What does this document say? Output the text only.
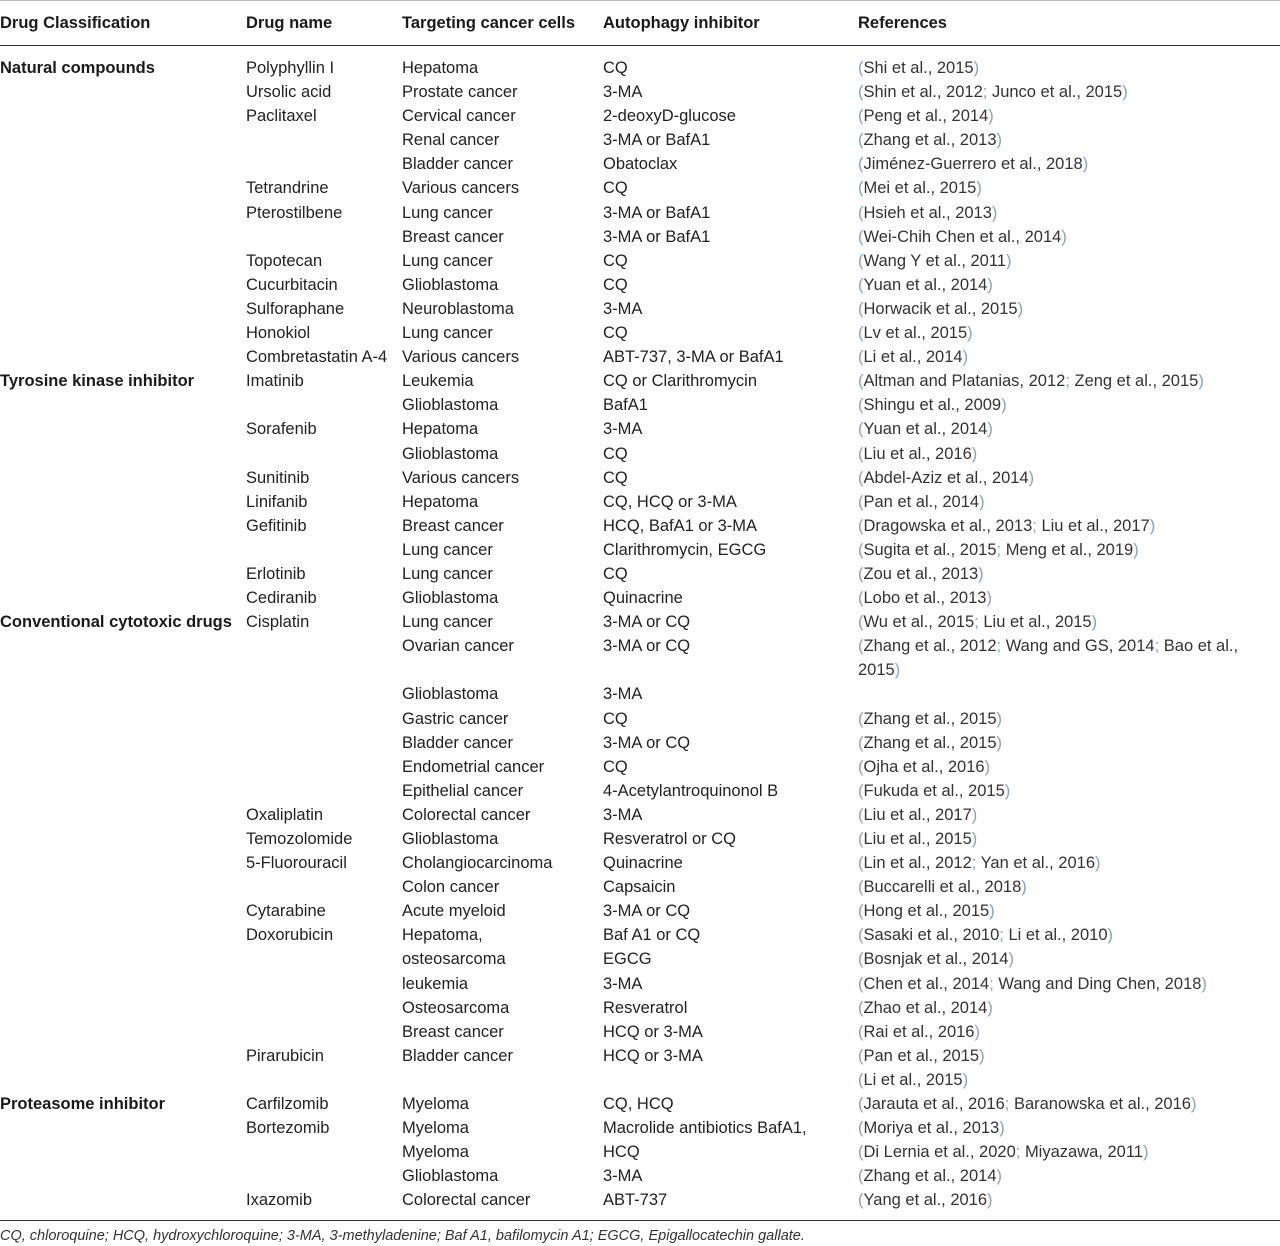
Drug Classification	Drug name	Targeting cancer cells	Autophagy inhibitor	References
Natural compounds	Polyphyllin I	Hepatoma	CQ	(Shi et al., 2015)
	Ursolic acid	Prostate cancer	3-MA	(Shin et al., 2012; Junco et al., 2015)
	Paclitaxel	Cervical cancer	2-deoxyD-glucose	(Peng et al., 2014)
		Renal cancer	3-MA or BafA1	(Zhang et al., 2013)
		Bladder cancer	Obatoclax	(Jiménez-Guerrero et al., 2018)
	Tetrandrine	Various cancers	CQ	(Mei et al., 2015)
	Pterostilbene	Lung cancer	3-MA or BafA1	(Hsieh et al., 2013)
		Breast cancer	3-MA or BafA1	(Wei-Chih Chen et al., 2014)
	Topotecan	Lung cancer	CQ	(Wang Y et al., 2011)
	Cucurbitacin	Glioblastoma	CQ	(Yuan et al., 2014)
	Sulforaphane	Neuroblastoma	3-MA	(Horwacik et al., 2015)
	Honokiol	Lung cancer	CQ	(Lv et al., 2015)
	Combretastatin A-4	Various cancers	ABT-737, 3-MA or BafA1	(Li et al., 2014)
Tyrosine kinase inhibitor	Imatinib	Leukemia	CQ or Clarithromycin	(Altman and Platanias, 2012; Zeng et al., 2015)
		Glioblastoma	BafA1	(Shingu et al., 2009)
	Sorafenib	Hepatoma	3-MA	(Yuan et al., 2014)
		Glioblastoma	CQ	(Liu et al., 2016)
	Sunitinib	Various cancers	CQ	(Abdel-Aziz et al., 2014)
	Linifanib	Hepatoma	CQ, HCQ or 3-MA	(Pan et al., 2014)
	Gefitinib	Breast cancer	HCQ, BafA1 or 3-MA	(Dragowska et al., 2013; Liu et al., 2017)
		Lung cancer	Clarithromycin, EGCG	(Sugita et al., 2015; Meng et al., 2019)
	Erlotinib	Lung cancer	CQ	(Zou et al., 2013)
	Cediranib	Glioblastoma	Quinacrine	(Lobo et al., 2013)
Conventional cytotoxic drugs	Cisplatin	Lung cancer	3-MA or CQ	(Wu et al., 2015; Liu et al., 2015)
		Ovarian cancer	3-MA or CQ	(Zhang et al., 2012; Wang and GS, 2014; Bao et al., 2015)
		Glioblastoma	3-MA	
		Gastric cancer	CQ	(Zhang et al., 2015)
		Bladder cancer	3-MA or CQ	(Zhang et al., 2015)
		Endometrial cancer	CQ	(Ojha et al., 2016)
		Epithelial cancer	4-Acetylantroquinonol B	(Fukuda et al., 2015)
	Oxaliplatin	Colorectal cancer	3-MA	(Liu et al., 2017)
	Temozolomide	Glioblastoma	Resveratrol or CQ	(Liu et al., 2015)
	5-Fluorouracil	Cholangiocarcinoma	Quinacrine	(Lin et al., 2012; Yan et al., 2016)
		Colon cancer	Capsaicin	(Buccarelli et al., 2018)
	Cytarabine	Acute myeloid	3-MA or CQ	(Hong et al., 2015)
	Doxorubicin	Hepatoma,	Baf A1 or CQ	(Sasaki et al., 2010; Li et al., 2010)
		osteosarcoma	EGCG	(Bosnjak et al., 2014)
		leukemia	3-MA	(Chen et al., 2014; Wang and Ding Chen, 2018)
		Osteosarcoma	Resveratrol	(Zhao et al., 2014)
		Breast cancer	HCQ or 3-MA	(Rai et al., 2016)
	Pirarubicin	Bladder cancer	HCQ or 3-MA	(Pan et al., 2015)
				(Li et al., 2015)
Proteasome inhibitor	Carfilzomib	Myeloma	CQ, HCQ	(Jarauta et al., 2016; Baranowska et al., 2016)
	Bortezomib	Myeloma	Macrolide antibiotics BafA1,	(Moriya et al., 2013)
		Myeloma	HCQ	(Di Lernia et al., 2020; Miyazawa, 2011)
		Glioblastoma	3-MA	(Zhang et al., 2014)
	Ixazomib	Colorectal cancer	ABT-737	(Yang et al., 2016)
CQ, chloroquine; HCQ, hydroxychloroquine; 3-MA, 3-methyladenine; Baf A1, bafilomycin A1; EGCG, Epigallocatechin gallate.
